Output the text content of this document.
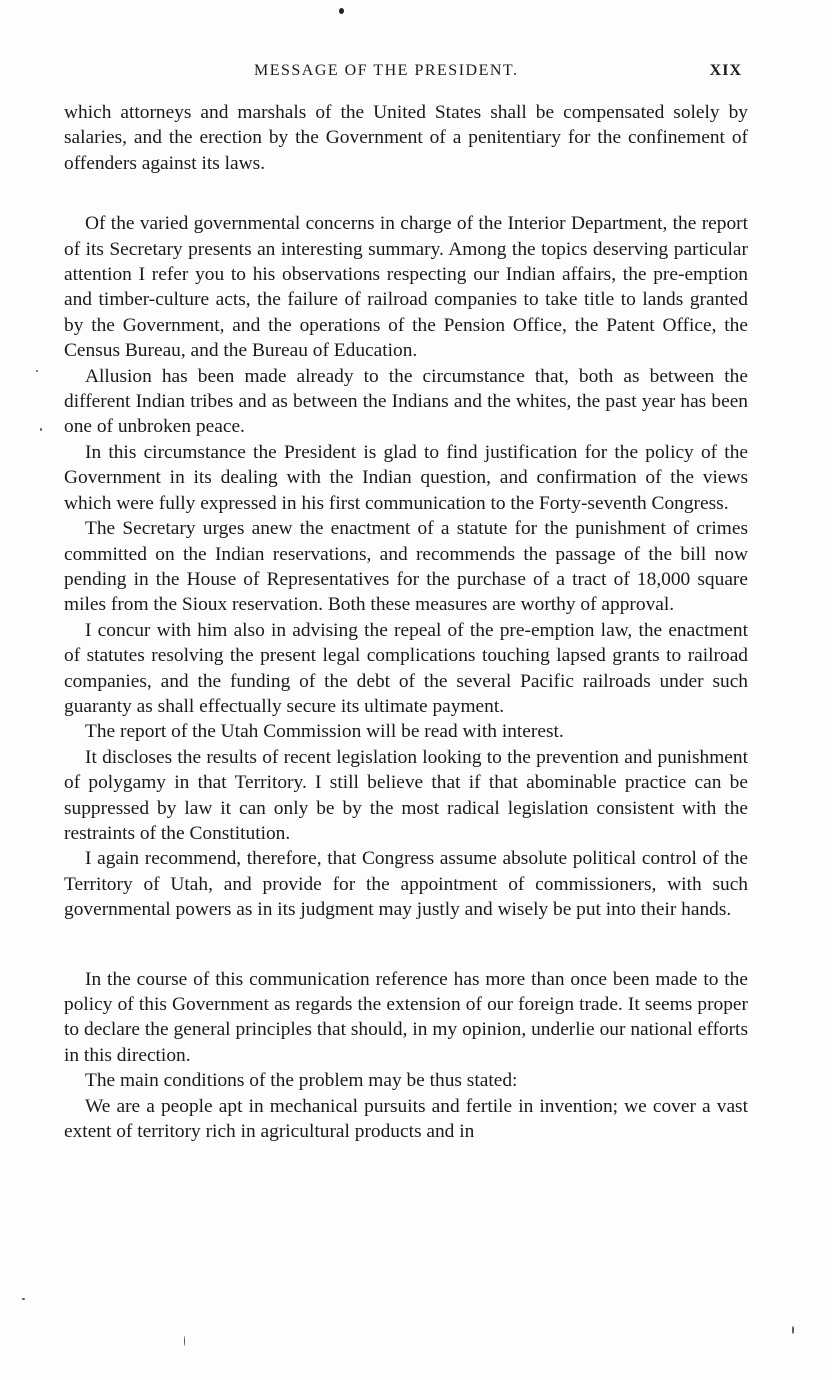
MESSAGE OF THE PRESIDENT.	XIX

which attorneys and marshals of the United States shall be compensated solely by salaries, and the erection by the Government of a penitentiary for the confinement of offenders against its laws.

Of the varied governmental concerns in charge of the Interior Department, the report of its Secretary presents an interesting summary. Among the topics deserving particular attention I refer you to his observations respecting our Indian affairs, the pre-emption and timber-culture acts, the failure of railroad companies to take title to lands granted by the Government, and the operations of the Pension Office, the Patent Office, the Census Bureau, and the Bureau of Education.

Allusion has been made already to the circumstance that, both as between the different Indian tribes and as between the Indians and the whites, the past year has been one of unbroken peace.

In this circumstance the President is glad to find justification for the policy of the Government in its dealing with the Indian question, and confirmation of the views which were fully expressed in his first communication to the Forty-seventh Congress.

The Secretary urges anew the enactment of a statute for the punishment of crimes committed on the Indian reservations, and recommends the passage of the bill now pending in the House of Representatives for the purchase of a tract of 18,000 square miles from the Sioux reservation. Both these measures are worthy of approval.

I concur with him also in advising the repeal of the pre-emption law, the enactment of statutes resolving the present legal complications touching lapsed grants to railroad companies, and the funding of the debt of the several Pacific railroads under such guaranty as shall effectually secure its ultimate payment.

The report of the Utah Commission will be read with interest.

It discloses the results of recent legislation looking to the prevention and punishment of polygamy in that Territory. I still believe that if that abominable practice can be suppressed by law it can only be by the most radical legislation consistent with the restraints of the Constitution.

I again recommend, therefore, that Congress assume absolute political control of the Territory of Utah, and provide for the appointment of commissioners, with such governmental powers as in its judgment may justly and wisely be put into their hands.

In the course of this communication reference has more than once been made to the policy of this Government as regards the extension of our foreign trade. It seems proper to declare the general principles that should, in my opinion, underlie our national efforts in this direction.

The main conditions of the problem may be thus stated:

We are a people apt in mechanical pursuits and fertile in invention; we cover a vast extent of territory rich in agricultural products and in
